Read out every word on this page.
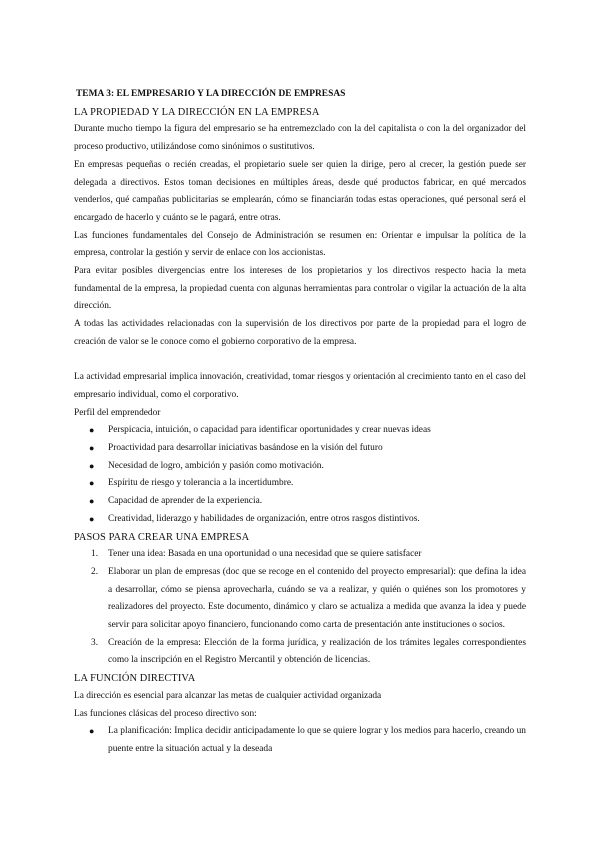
TEMA 3: EL EMPRESARIO Y LA DIRECCIÓN DE EMPRESAS
LA PROPIEDAD Y LA DIRECCIÓN EN LA EMPRESA

Durante mucho tiempo la figura del empresario se ha entremezclado con la del capitalista o con la del organizador del proceso productivo, utilizándose como sinónimos o sustitutivos.

En empresas pequeñas o recién creadas, el propietario suele ser quien la dirige, pero al crecer, la gestión puede ser delegada a directivos. Estos toman decisiones en múltiples áreas, desde qué productos fabricar, en qué mercados venderlos, qué campañas publicitarias se emplearán, cómo se financiarán todas estas operaciones, qué personal será el encargado de hacerlo y cuánto se le pagará, entre otras.

Las funciones fundamentales del Consejo de Administración se resumen en: Orientar e impulsar la política de la empresa, controlar la gestión y servir de enlace con los accionistas.

Para evitar posibles divergencias entre los intereses de los propietarios y los directivos respecto hacia la meta fundamental de la empresa, la propiedad cuenta con algunas herramientas para controlar o vigilar la actuación de la alta dirección.

A todas las actividades relacionadas con la supervisión de los directivos por parte de la propiedad para el logro de creación de valor se le conoce como el gobierno corporativo de la empresa.

La actividad empresarial implica innovación, creatividad, tomar riesgos y orientación al crecimiento tanto en el caso del empresario individual, como el corporativo.

Perfil del emprendedor
● Perspicacia, intuición, o capacidad para identificar oportunidades y crear nuevas ideas
● Proactividad para desarrollar iniciativas basándose en la visión del futuro
● Necesidad de logro, ambición y pasión como motivación.
● Espíritu de riesgo y tolerancia a la incertidumbre.
● Capacidad de aprender de la experiencia.
● Creatividad, liderazgo y habilidades de organización, entre otros rasgos distintivos.
PASOS PARA CREAR UNA EMPRESA
1. Tener una idea: Basada en una oportunidad o una necesidad que se quiere satisfacer
2. Elaborar un plan de empresas (doc que se recoge en el contenido del proyecto empresarial): que defina la idea a desarrollar, cómo se piensa aprovecharla, cuándo se va a realizar, y quién o quiénes son los promotores y realizadores del proyecto. Este documento, dinámico y claro se actualiza a medida que avanza la idea y puede servir para solicitar apoyo financiero, funcionando como carta de presentación ante instituciones o socios.
3. Creación de la empresa: Elección de la forma jurídica, y realización de los trámites legales correspondientes como la inscripción en el Registro Mercantil y obtención de licencias.
LA FUNCIÓN DIRECTIVA

La dirección es esencial para alcanzar las metas de cualquier actividad organizada

Las funciones clásicas del proceso directivo son:

● La planificación: Implica decidir anticipadamente lo que se quiere lograr y los medios para hacerlo, creando un puente entre la situación actual y la deseada
